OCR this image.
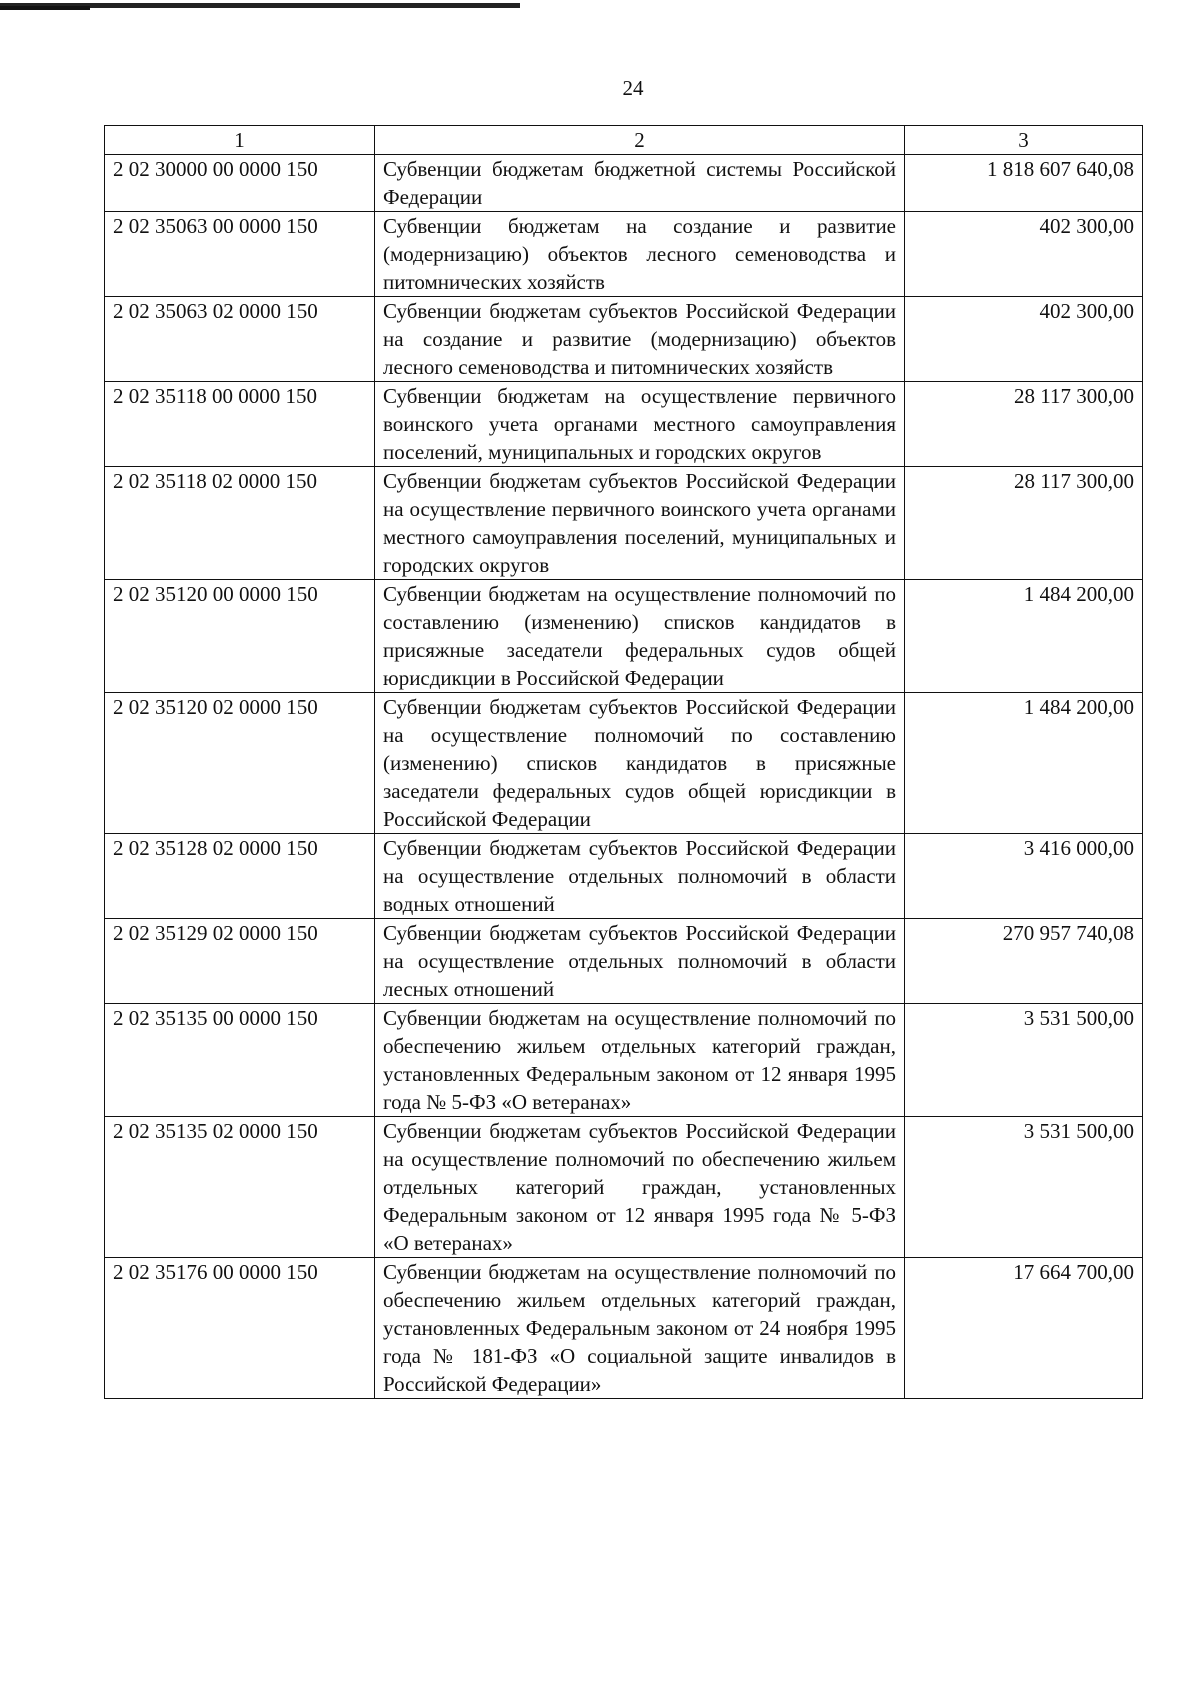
24
1	2	3
2 02 30000 00 0000 150	Субвенции бюджетам бюджетной системы Российской Федерации	1 818 607 640,08
2 02 35063 00 0000 150	Субвенции бюджетам на создание и развитие (модернизацию) объектов лесного семеноводства и питомнических хозяйств	402 300,00
2 02 35063 02 0000 150	Субвенции бюджетам субъектов Российской Федерации на создание и развитие (модернизацию) объектов лесного семеноводства и питомнических хозяйств	402 300,00
2 02 35118 00 0000 150	Субвенции бюджетам на осуществление первичного воинского учета органами местного самоуправления поселений, муниципальных и городских округов	28 117 300,00
2 02 35118 02 0000 150	Субвенции бюджетам субъектов Российской Федерации на осуществление первичного воинского учета органами местного самоуправления поселений, муниципальных и городских округов	28 117 300,00
2 02 35120 00 0000 150	Субвенции бюджетам на осуществление полномочий по составлению (изменению) списков кандидатов в присяжные заседатели федеральных судов общей юрисдикции в Российской Федерации	1 484 200,00
2 02 35120 02 0000 150	Субвенции бюджетам субъектов Российской Федерации на осуществление полномочий по составлению (изменению) списков кандидатов в присяжные заседатели федеральных судов общей юрисдикции в Российской Федерации	1 484 200,00
2 02 35128 02 0000 150	Субвенции бюджетам субъектов Российской Федерации на осуществление отдельных полномочий в области водных отношений	3 416 000,00
2 02 35129 02 0000 150	Субвенции бюджетам субъектов Российской Федерации на осуществление отдельных полномочий в области лесных отношений	270 957 740,08
2 02 35135 00 0000 150	Субвенции бюджетам на осуществление полномочий по обеспечению жильем отдельных категорий граждан, установленных Федеральным законом от 12 января 1995 года № 5-ФЗ «О ветеранах»	3 531 500,00
2 02 35135 02 0000 150	Субвенции бюджетам субъектов Российской Федерации на осуществление полномочий по обеспечению жильем отдельных категорий граждан, установленных Федеральным законом от 12 января 1995 года № 5-ФЗ «О ветеранах»	3 531 500,00
2 02 35176 00 0000 150	Субвенции бюджетам на осуществление полномочий по обеспечению жильем отдельных категорий граждан, установленных Федеральным законом от 24 ноября 1995 года № 181-ФЗ «О социальной защите инвалидов в Российской Федерации»	17 664 700,00
